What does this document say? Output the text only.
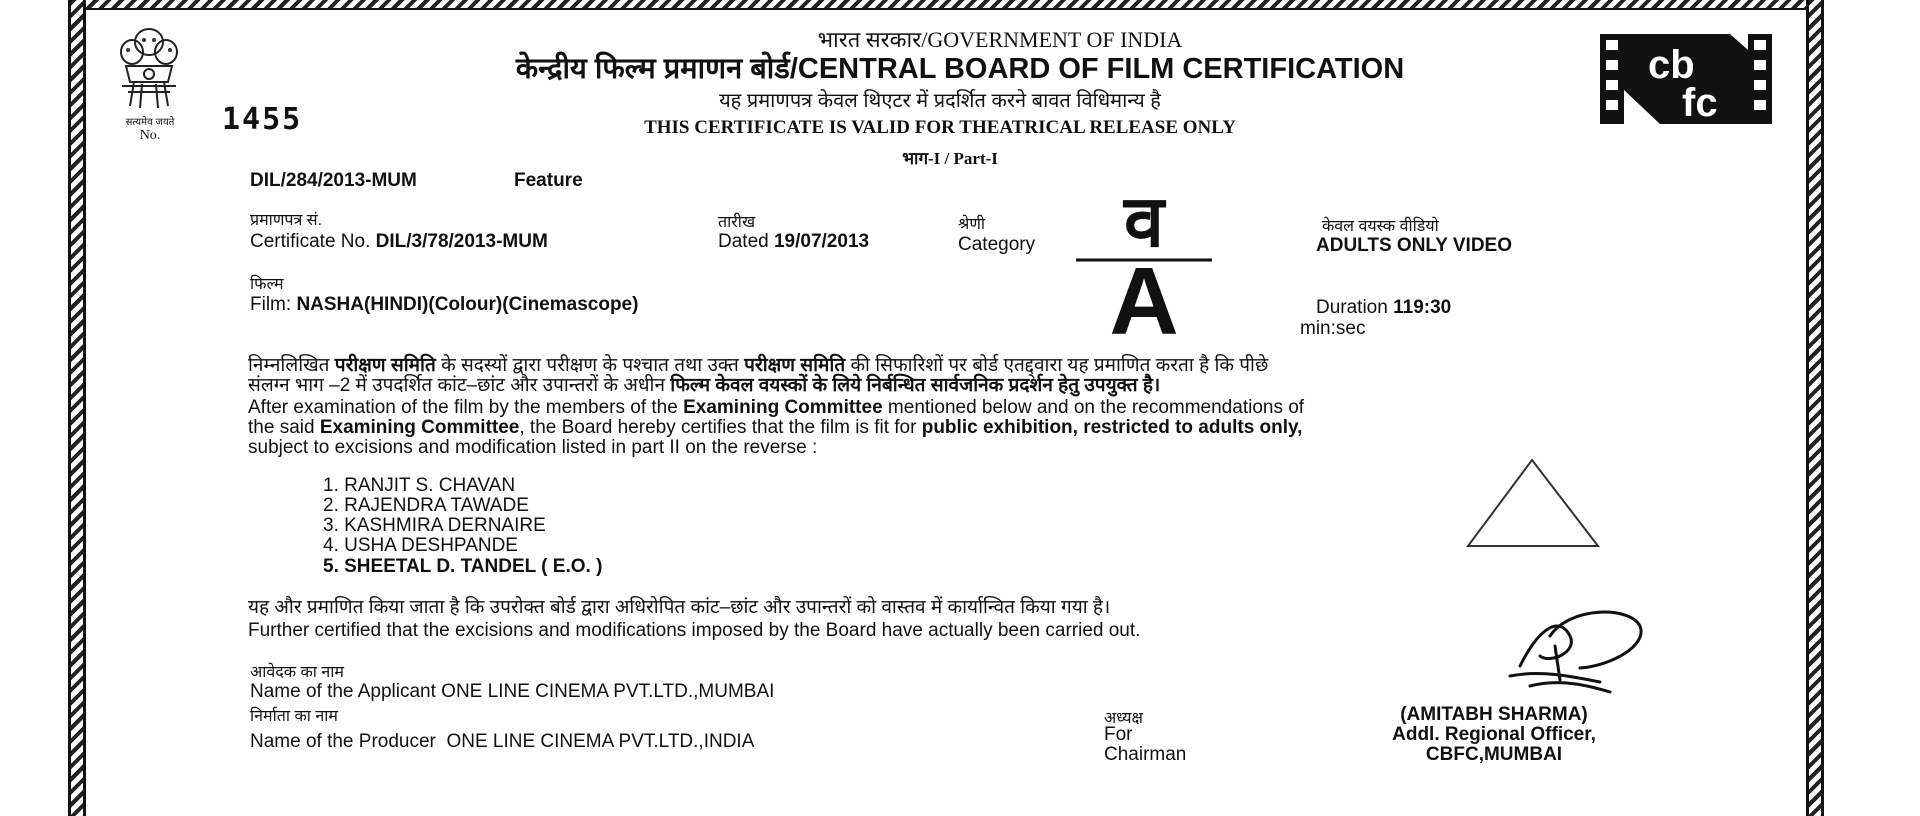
सत्यमेव जयते
No.	1455
भारत सरकार/GOVERNMENT OF INDIA
केन्द्रीय फिल्म प्रमाणन बोर्ड/CENTRAL BOARD OF FILM CERTIFICATION
यह प्रमाणपत्र केवल थिएटर में प्रदर्शित करने बावत विधिमान्य है
THIS CERTIFICATE IS VALID FOR THEATRICAL RELEASE ONLY
भाग-I / Part-I
cb
fc
DIL/284/2013-MUM	Feature
प्रमाणपत्र सं.
Certificate No. DIL/3/78/2013-MUM
तारीख
Dated 19/07/2013
श्रेणी
Category व
A
केवल वयस्क वीडियो
ADULTS ONLY VIDEO
फिल्म
Film: NASHA(HINDI)(Colour)(Cinemascope)	Duration 119:30
min:sec
निम्नलिखित परीक्षण समिति के सदस्यों द्वारा परीक्षण के पश्चात तथा उक्त परीक्षण समिति की सिफारिशों पर बोर्ड एतद्द्वारा यह प्रमाणित करता है कि पीछे
संलग्न भाग –2 में उपदर्शित कांट–छांट और उपान्तरों के अधीन फिल्म केवल वयस्कों के लिये निर्बन्धित सार्वजनिक प्रदर्शन हेतु उपयुक्त है।
After examination of the film by the members of the Examining Committee mentioned below and on the recommendations of
the said Examining Committee, the Board hereby certifies that the film is fit for public exhibition, restricted to adults only,
subject to excisions and modification listed in part II on the reverse :
1. RANJIT S. CHAVAN
2. RAJENDRA TAWADE
3. KASHMIRA DERNAIRE
4. USHA DESHPANDE
5. SHEETAL D. TANDEL ( E.O. )
यह और प्रमाणित किया जाता है कि उपरोक्त बोर्ड द्वारा अधिरोपित कांट–छांट और उपान्तरों को वास्तव में कार्यान्वित किया गया है।
Further certified that the excisions and modifications imposed by the Board have actually been carried out.
आवेदक का नाम
Name of the Applicant ONE LINE CINEMA PVT.LTD.,MUMBAI
निर्माता का नाम
Name of the Producer ONE LINE CINEMA PVT.LTD.,INDIA
अध्यक्ष
For
Chairman
(AMITABH SHARMA)
Addl. Regional Officer,
CBFC,MUMBAI
